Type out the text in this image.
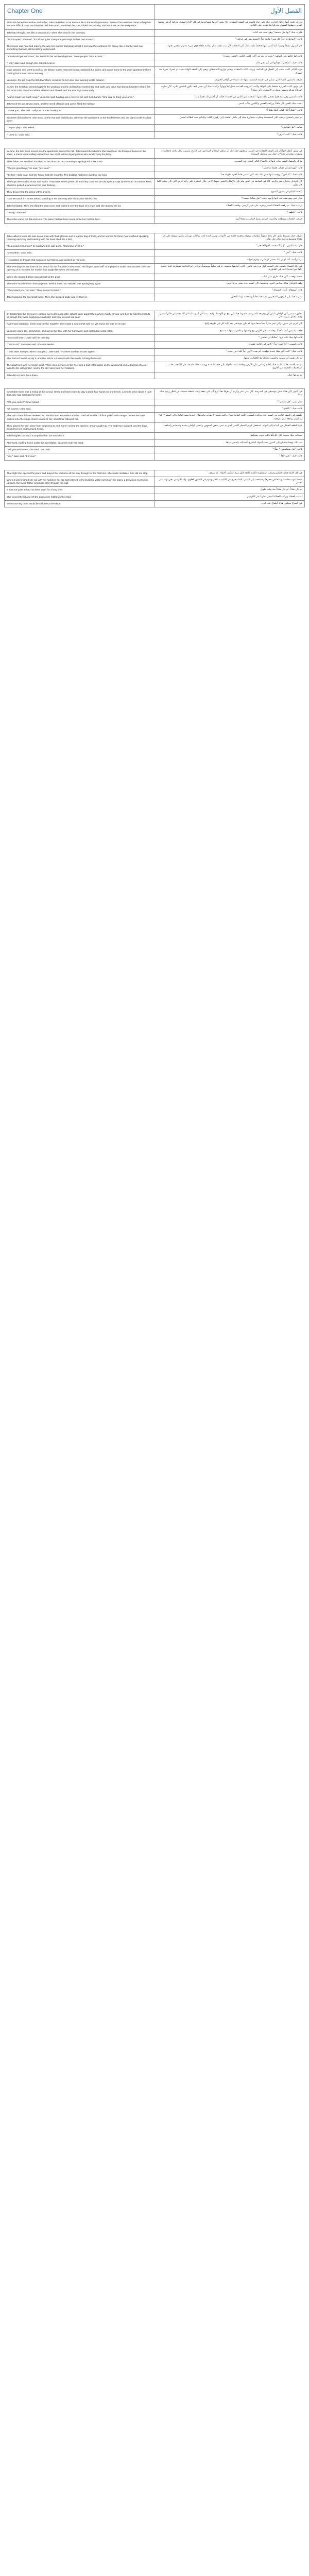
Chapter One	الفصل الأول
After she buried her mother and father, Jake had taken to an austere life in the small apartment. Some of her relatives came to help her in those difficult days, and they had left their mark: scrubbed the pots, folded the laundry, and left notes on the refrigerator.	بعد أن دفنت أمها وأباها، اعتادت جيك على حياة قاسية في الشقة الصغيرة. جاء بعض أقاربها لمساعدتها في تلك الأيام الصعبة، وتركوا أثرهم: نظفوا القدور، وطووا الغسيل، وتركوا ملاحظات على الثلاجة.
Jake had thought, "It's like a sanatorium," when she stood in the doorway.	فكرت جيك "إنها مثل مصحة" وهي تقف عند الباب.
"It's too quiet," she said. "It's all too quiet. Everyone just stays in their own rooms."	قالت: "إنها هادئة جداً. كل شيء هادئ جداً. الجميع يبقى في غرفته."
The house was neat and orderly, the way her mother had always kept it, but now the neatness felt heavy, like a blanket laid over something that was still breathing underneath.	كان المنزل نظيفاً ومرتباً، كما كانت أمها تحافظ عليه دائماً، لكن النظافة الآن بدت ثقيلة، مثل بطانية ملقاة فوق شيء ما زال يتنفس تحتها.
"You should get out more," her aunt told her on the telephone. "Meet people. Take a class."	قالت لها خالتها على الهاتف: "يجب أن تخرجي أكثر. قابلي الناس. التحقي بدورة."
"I will," Jake said, though she did not mean it.	قالت جيك: "سأفعل"، مع أنها لم تكن تعني ذلك.
Days passed. She went to work at the library, sorted returned books, stamped due dates, and came home to the quiet apartment where nothing had moved since morning.	مرت الأيام. كانت تذهب إلى العمل في المكتبة، وترتب الكتب المعادة، وتختم تواريخ الاستحقاق، وتعود إلى الشقة الهادئة حيث لم يتحرك شيء منذ الصباح.
Yasmeen, the girl from the flat downstairs, knocked on her door one evening in late autumn.	طرقت ياسمين، الفتاة التي تسكن في الشقة السفلية، بابها ذات مساء في أواخر الخريف.
In July, the heat had pressed against the windows and the old fan had worked day and night, and Jake had almost forgotten what it felt like to be cold. Now the radiator clanked and hissed, and the evenings came early.	في يوليو، كانت الحرارة تضغط على النوافذ وكانت المروحة القديمة تعمل ليلاً ونهاراً، وكادت جيك أن تنسى كيف يكون الشعور بالبرد. الآن صارت المدفأة تقرقع وتصفر، وصارت الأمسيات تأتي مبكراً.
"Mama made too much soup," Yasmeen said, holding out a covered pot with both hands. "She said to bring you some."	قالت ياسمين وهي تمد قدراً مغطى بكلتا يديها: "طبخت أمي الكثير من الحساء. قالت أن أحضر لك بعضاً منه."
Jake took the pot. It was warm, and the smell of lentils and cumin filled the hallway.	أخذت جيك القدر. كان دافئاً، ورائحة العدس والكمون ملأت الممر.
"Thank you," she said. "Tell your mother thank you."	قالت: "شكراً لك. قولي لأمك شكراً."
Yasmeen did not leave. She stood on the mat and looked past Jake into the apartment, at the bookshelves and the piano under its dust cover.	لم تغادر ياسمين. وقفت على الممسحة ونظرت متجاوزة جيك إلى داخل الشقة، إلى رفوف الكتب والبيانو تحت غطائه المغبر.
"Do you play?" she asked.	سألت: "هل تعزفين؟"
"I used to," Jake said.	قالت جيك: "كنت أعزف."

In June, the twin boys moved into the apartment across the hall. Jake heard them before she saw them: the thump of boxes on the stairs, a man's voice calling instructions, two small voices arguing about who would carry the lamp.	في يونيو، انتقل التوأمان إلى الشقة المقابلة في الممر. سمعتهم جيك قبل أن تراهم: ارتطام الصناديق على الدرج، وصوت رجل ينادي بالتعليمات، وصوتان صغيران يتجادلان حول من سيحمل المصباح.
Their father, Mr. Haddad, knocked on her door the next morning to apologize for the noise.	طرق والدهما، السيد حداد، بابها في الصباح التالي ليعتذر عن الضجيج.
"They're good boys," he said, "just loud."	قال: "إنهما ولدان طيبان، فقط صاخبان."
"It's fine," Jake said, and she found that she meant it. The building had been quiet for too long.	قالت جيك: "لا بأس"، ووجدت أنها تعني ذلك. لقد كان المبنى هادئاً لفترة طويلة جداً.
The boys were called Omar and Karim. They were seven years old and they could not be told apart except by the scab on Karim's knee, which he picked at whenever he was thinking.	كان الولدان يدعيان عمر وكريم. كانا في السابعة من العمر ولم يكن بالإمكان التمييز بينهما إلا من خلال القشرة على ركبة كريم، التي كان يحكها كلما كان يفكر.
They discovered the piano within a week.	اكتشفا البيانو في غضون أسبوع.
"Can we touch it?" Omar asked, standing in her doorway with his brother behind him.	سأل عمر وهو يقف عند بابها وأخوه خلفه: "هل يمكننا لمسه؟"
Jake hesitated. Then she lifted the dust cover and folded it over the back of a chair, and she opened the lid.	ترددت جيك. ثم رفعت الغطاء المغبر وطوته على ظهر كرسي، وفتحت الغطاء.
"Gently," she said.	قالت: "بلطف."
The notes came out flat and sour. The piano had not been tuned since her mother died.	خرجت النغمات مسطحة وحامضة. لم يتم ضبط البيانو منذ وفاة أمها.

Jake called a tuner. He was an old man with thick glasses and a leather bag of tools, and he worked for three hours without speaking, pressing each key and listening with his head tilted like a bird.	اتصلت جيك بمضبط بيانو. كان رجلاً عجوزاً بنظارات سميكة وحقيبة جلدية من الأدوات، وعمل لمدة ثلاث ساعات دون أن يتكلم، يضغط على كل مفتاح ويستمع ورأسه مائل مثل طائر.
"It's a good instrument," he said when he was done. "Someone loved it."	قال عندما انتهى: "إنها آلة جيدة. أحبها أحدهم."
"My mother," Jake said.	قالت جيك: "أمي."
He nodded, as though that explained everything, and packed up his tools.	أومأ برأسه، كما لو أن ذلك يفسر كل شيء، وحزم أدواته.
That evening she sat down at the bench for the first time in two years. Her fingers were stiff. She played a scale, then another, then the opening of a nocturne her mother had taught her when she was ten.	في ذلك المساء جلست على المقعد لأول مرة منذ عامين. كانت أصابعها متيبسة. عزفت سلماً موسيقياً، ثم آخر، ثم افتتاحية مقطوعة ليلية علمتها إياها أمها عندما كانت في العاشرة.
When she stopped, there was a knock at the door.	عندما توقفت، كان هناك طرق على الباب.
The twins stood there in their pajamas. Behind them, Mr. Haddad was apologizing again.	وقف التوأمان هناك بملابس النوم. وخلفهما، كان السيد حداد يعتذر مرة أخرى.
"They heard you," he said. "They wanted to listen."	قال: "سمعاكِ. أرادا الاستماع."
Jake looked at the two small faces. Then she stepped aside and let them in.	نظرت جيك إلى الوجهين الصغيرين. ثم تنحت جانباً وسمحت لهما بالدخول.

By September the boys were coming every afternoon after school. Jake taught them where middle C was, and how to hold their hands as though they were cupping a small bird, and how to count out loud.	بحلول سبتمبر كان الولدان يأتيان كل يوم بعد المدرسة. علمتهما جيك أين يقع دو الأوسط، وكيف يمسكان أيديهما كما لو كانا يحتضنان طائراً صغيراً، وكيف يعدان بصوت عال.
Karim was impatient. Omar was careful. Together they made a sound that was not yet music but was on its way.	كان كريم غير صبور. وكان عمر حذراً. معاً صنعا صوتاً لم يكن موسيقى بعد لكنه كان في طريقه إليها.
Yasmeen came too, sometimes, and sat on the floor with her homework and pretended not to listen.	جاءت ياسمين أيضاً، أحياناً، وجلست على الأرض مع واجباتها وتظاهرت بأنها لا تستمع.
"You could learn," Jake told her one day.	قالت لها جيك ذات يوم: "يمكنك أن تتعلمي."
"I'm too old," Yasmeen said. She was twelve.	قالت ياسمين: "أنا كبيرة جداً." كانت في الثانية عشرة.
"I was older than you when I stopped," Jake said. "It's never too late to start again."	قالت جيك: "كنت أكبر منك عندما توقفت. لم يفت الأوان أبداً للبدء من جديد."
She had not meant to say it, and she sat for a moment with the words, turning them over.	لم تكن تقصد أن تقولها، وجلست للحظة مع الكلمات، تقلبها.
The apartment was no longer quiet. There were pencils on the floor and a half-eaten apple on the windowsill and a drawing of a cat taped to the refrigerator, next to the old notes from her relatives.	لم تعد الشقة هادئة. كانت هناك أقلام رصاص على الأرض وتفاحة نصف مأكولة على حافة النافذة ورسمة قطة ملصقة على الثلاجة، بجانب الملاحظات القديمة من أقاربها.
Jake did not take them down.	لم تنزعها جيك.

In October there was a recital at the school. Omar and Karim were to play a duet, four hands on one bench, a simple piece about a train that Jake had arranged for them.	في أكتوبر كان هناك حفل موسيقي في المدرسة. كان على عمر وكريم أن يعزفا معاً، أربع أيدٍ على مقعد واحد، قطعة بسيطة عن قطار رتبتها جيك لهما.
"Will you come?" Omar asked.	سأل عمر: "هل ستأتين؟"
"Of course," Jake said.	قالت جيك: "بالطبع."
She sat in the third row between Mr. Haddad and Yasmeen's mother. The hall smelled of floor polish and oranges. When the boys walked onto the stage, Karim waved at her, and Omar elbowed him.	جلست في الصف الثالث بين السيد حداد ووالدة ياسمين. كانت القاعة تفوح برائحة ملمع الأرضيات والبرتقال. عندما صعد الولدان إلى المسرح، لوح لها كريم، ودفعه عمر بمرفقه.
They played the train piece from beginning to end. Karim rushed the last line. Omar caught up. The audience clapped, and the boys bowed too low and bumped heads.	عزفا قطعة القطار من البداية إلى النهاية. استعجل كريم السطر الأخير. لحق به عمر. صفق الجمهور، وانحنى الولدان بشدة واصطدم رأساهما.
Jake laughed out loud. It surprised her, the sound of it.	ضحكت جيك بصوت عال. فاجأها ذلك، صوت ضحكتها.
Afterward, walking home under the streetlights, Yasmeen took her hand.	بعد ذلك، وهما تمشيان إلى المنزل تحت أضواء الشارع، أمسكت ياسمين بيدها.
"Will you teach me?" she said. "For real?"	قالت: "هل ستعلمينني؟ حقاً؟"
"Yes," Jake said. "For real."	قالت جيك: "نعم. حقاً."

That night she opened the piano and played the nocturne all the way through for the first time. She made mistakes. She did not stop.	في تلك الليلة فتحت البيانو وعزفت المقطوعة الليلية كاملة لأول مرة. ارتكبت أخطاء. لم تتوقف.
When it was finished she sat with her hands in her lap and listened to the building: water running in the pipes, a television murmuring upstairs, the twins' father singing to them through the wall.	عندما انتهت جلست ويداها في حجرها واستمعت إلى المبنى: الماء يجري في الأنابيب، تلفاز يهمهم في الطابق العلوي، والد التوأمين يغني لهما عبر الجدار.
It was not quiet. It had not been quiet for a long time.	لم يكن هادئاً. لم يكن هادئاً منذ وقت طويل.
She closed the lid and left the dust cover folded on the chair.	أغلقت الغطاء وتركت الغطاء المغبر مطوياً على الكرسي.
In the morning there would be children at the door.	في الصباح سيكون هناك أطفال عند الباب.
